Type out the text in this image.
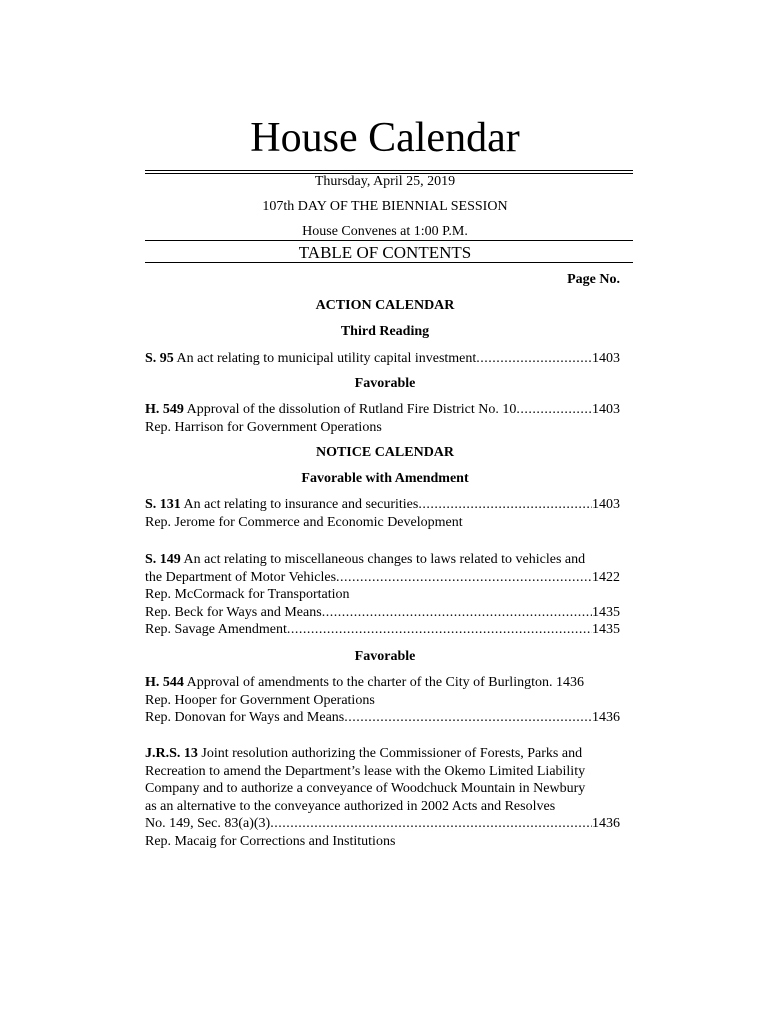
House Calendar
Thursday, April 25, 2019
107th DAY OF THE BIENNIAL SESSION
House Convenes at 1:00 P.M.
TABLE OF CONTENTS
Page No.
ACTION CALENDAR
Third Reading
S. 95 An act relating to municipal utility capital investment .....	1403
Favorable
H. 549 Approval of the dissolution of Rutland Fire District No. 10 .....	1403
Rep. Harrison for Government Operations
NOTICE CALENDAR
Favorable with Amendment
S. 131 An act relating to insurance and securities .....	1403
Rep. Jerome for Commerce and Economic Development
S. 149 An act relating to miscellaneous changes to laws related to vehicles and
the Department of Motor Vehicles .....	1422
Rep. McCormack for Transportation
Rep. Beck for Ways and Means .....	1435
Rep. Savage Amendment .....	1435
Favorable
H. 544 Approval of amendments to the charter of the City of Burlington. 1436
Rep. Hooper for Government Operations
Rep. Donovan for Ways and Means .....	1436
J.R.S. 13 Joint resolution authorizing the Commissioner of Forests, Parks and
Recreation to amend the Department’s lease with the Okemo Limited Liability
Company and to authorize a conveyance of Woodchuck Mountain in Newbury
as an alternative to the conveyance authorized in 2002 Acts and Resolves
No. 149, Sec. 83(a)(3) .....	1436
Rep. Macaig for Corrections and Institutions
